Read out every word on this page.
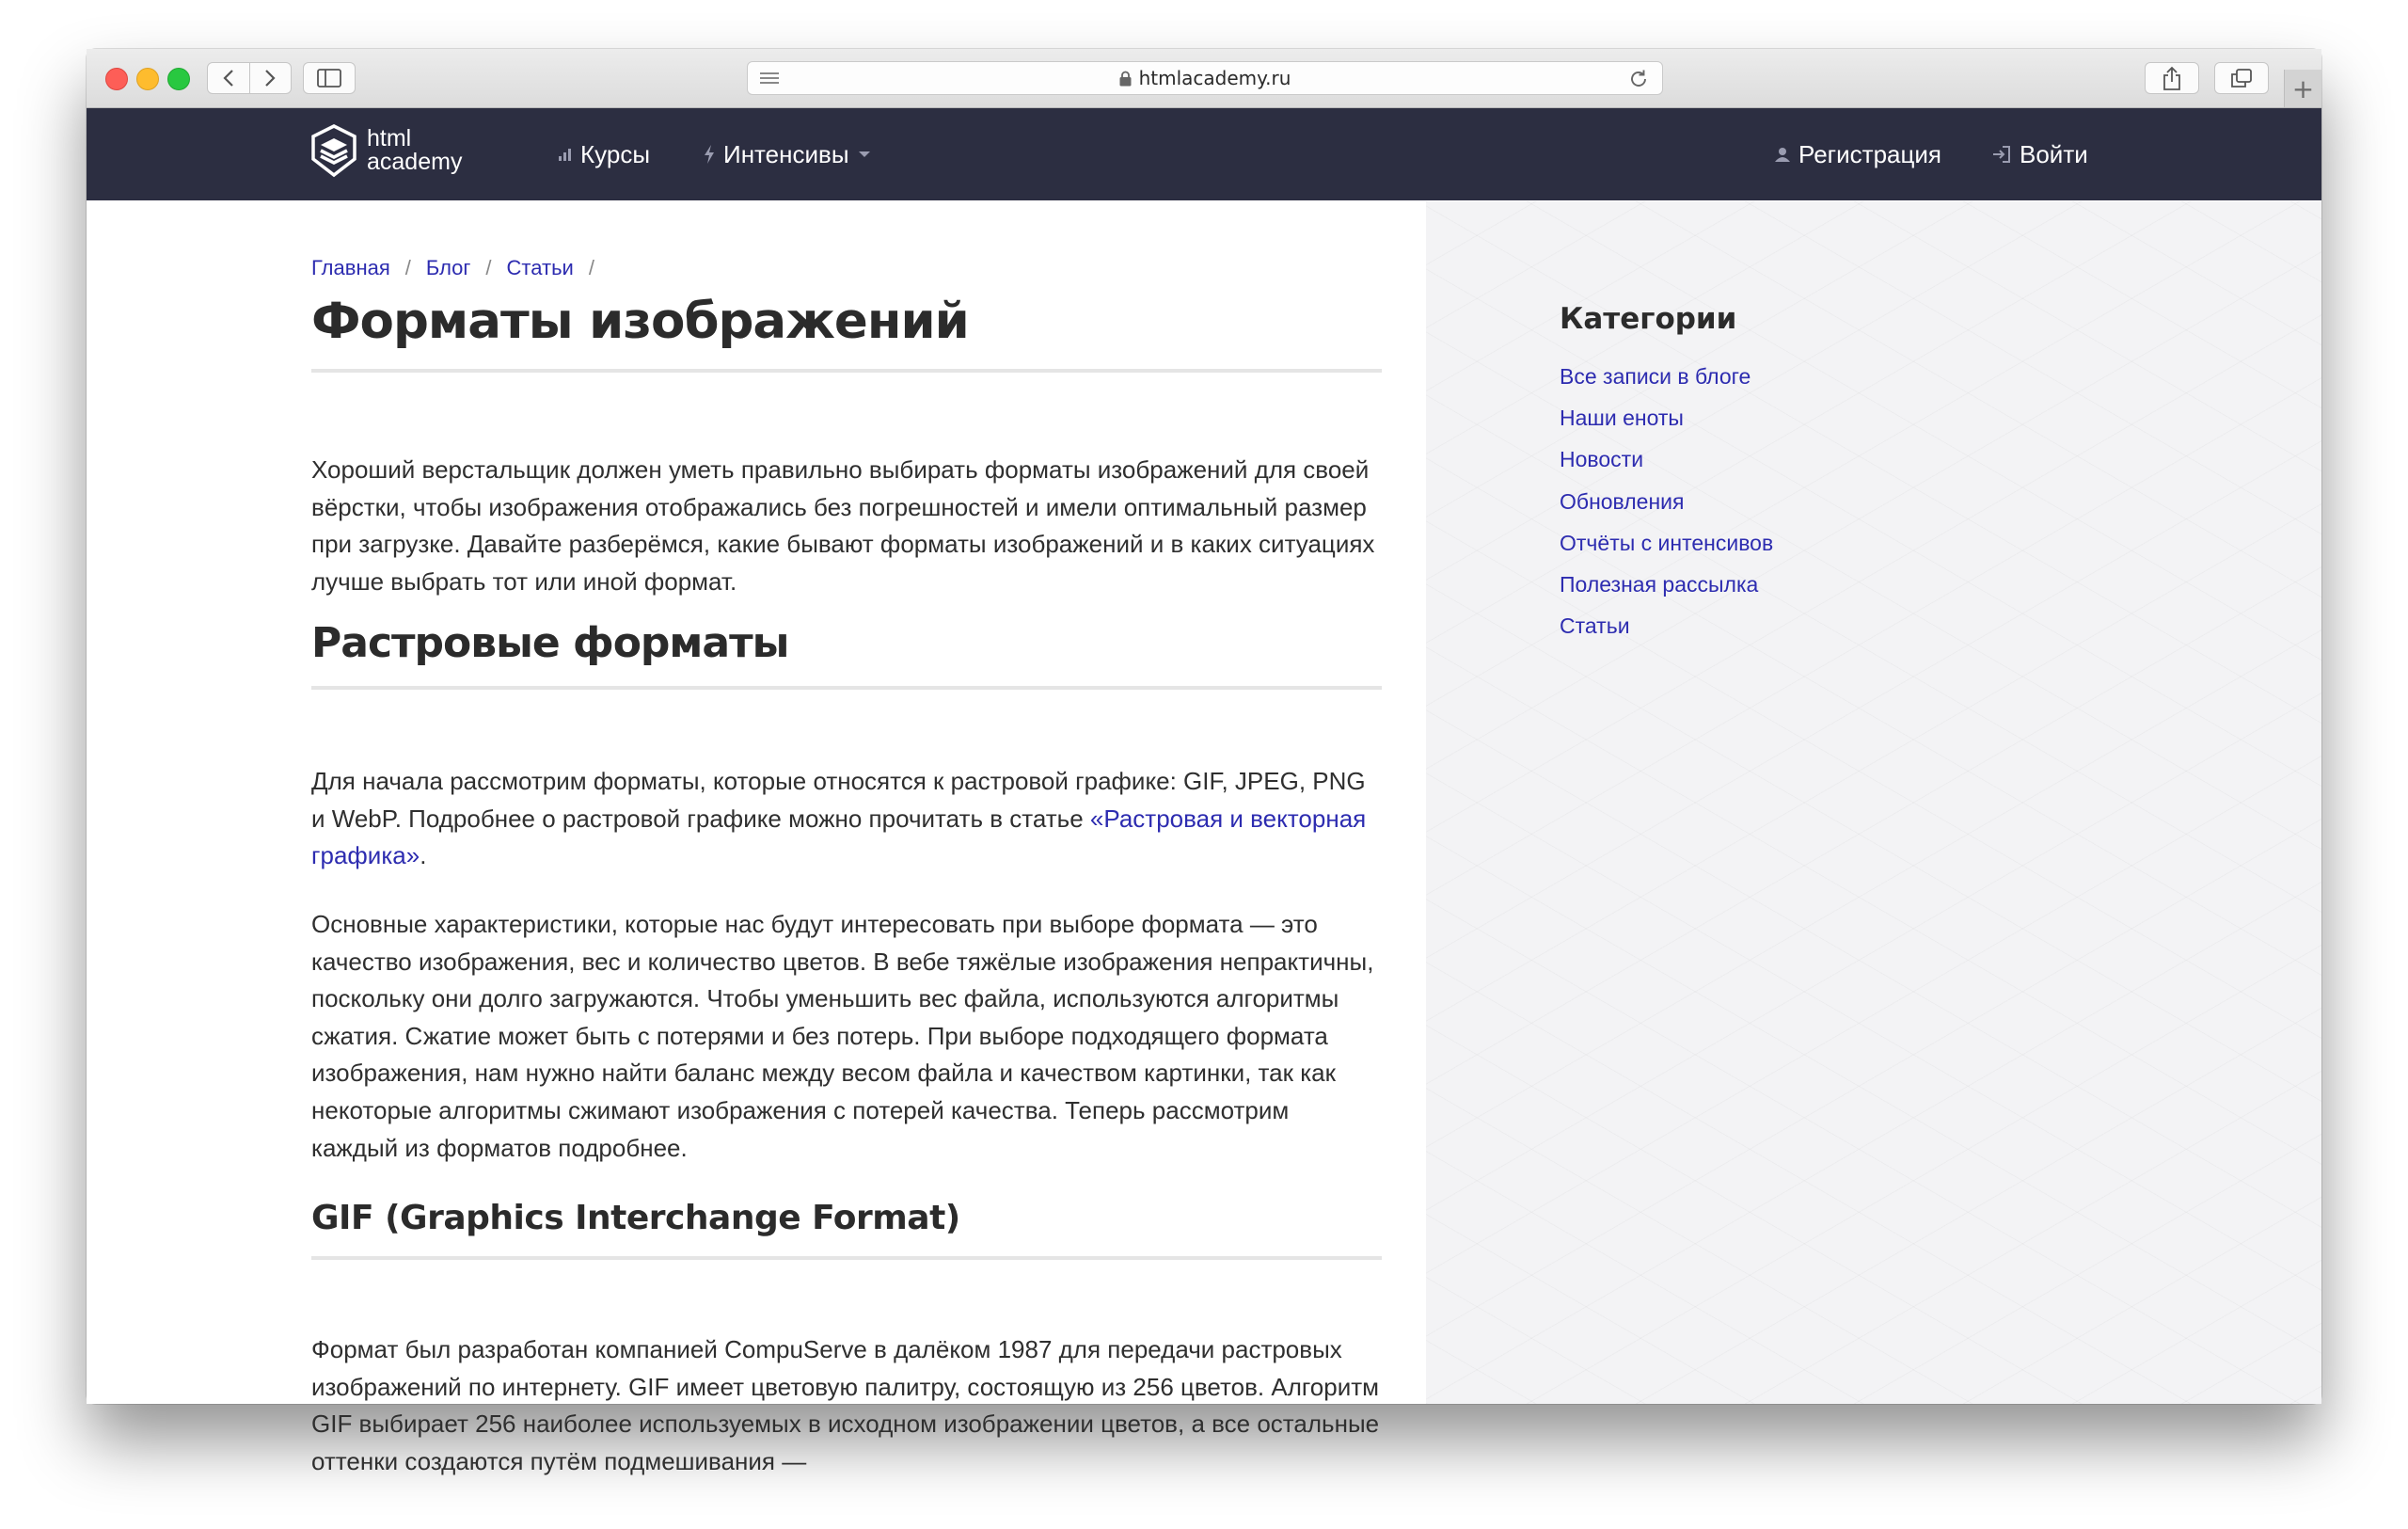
htmlacademy.ru	+
html
academy	Курсы	Интенсивы	Регистрация	Войти
Главная / Блог / Статьи /
Форматы изображений

Хороший верстальщик должен уметь правильно выбирать форматы изображений для своей вёрстки, чтобы изображения отображались без погрешностей и имели оптимальный размер при загрузке. Давайте разберёмся, какие бывают форматы изображений и в каких ситуациях лучше выбрать тот или иной формат.

Растровые форматы

Для начала рассмотрим форматы, которые относятся к растровой графике: GIF, JPEG, PNG и WebP. Подробнее о растровой графике можно прочитать в статье «Растровая и векторная графика».

Основные характеристики, которые нас будут интересовать при выборе формата — это качество изображения, вес и количество цветов. В вебе тяжёлые изображения непрактичны, поскольку они долго загружаются. Чтобы уменьшить вес файла, используются алгоритмы сжатия. Сжатие может быть с потерями и без потерь. При выборе подходящего формата изображения, нам нужно найти баланс между весом файла и качеством картинки, так как некоторые алгоритмы сжимают изображения с потерей качества. Теперь рассмотрим каждый из форматов подробнее.

GIF (Graphics Interchange Format)

Формат был разработан компанией CompuServe в далёком 1987 для передачи растровых изображений по интернету. GIF имеет цветовую палитру, состоящую из 256 цветов. Алгоритм GIF выбирает 256 наиболее используемых в исходном изображении цветов, а все остальные оттенки создаются путём подмешивания —

Категории
Все записи в блоге
Наши еноты
Новости
Обновления
Отчёты с интенсивов
Полезная рассылка
Статьи
